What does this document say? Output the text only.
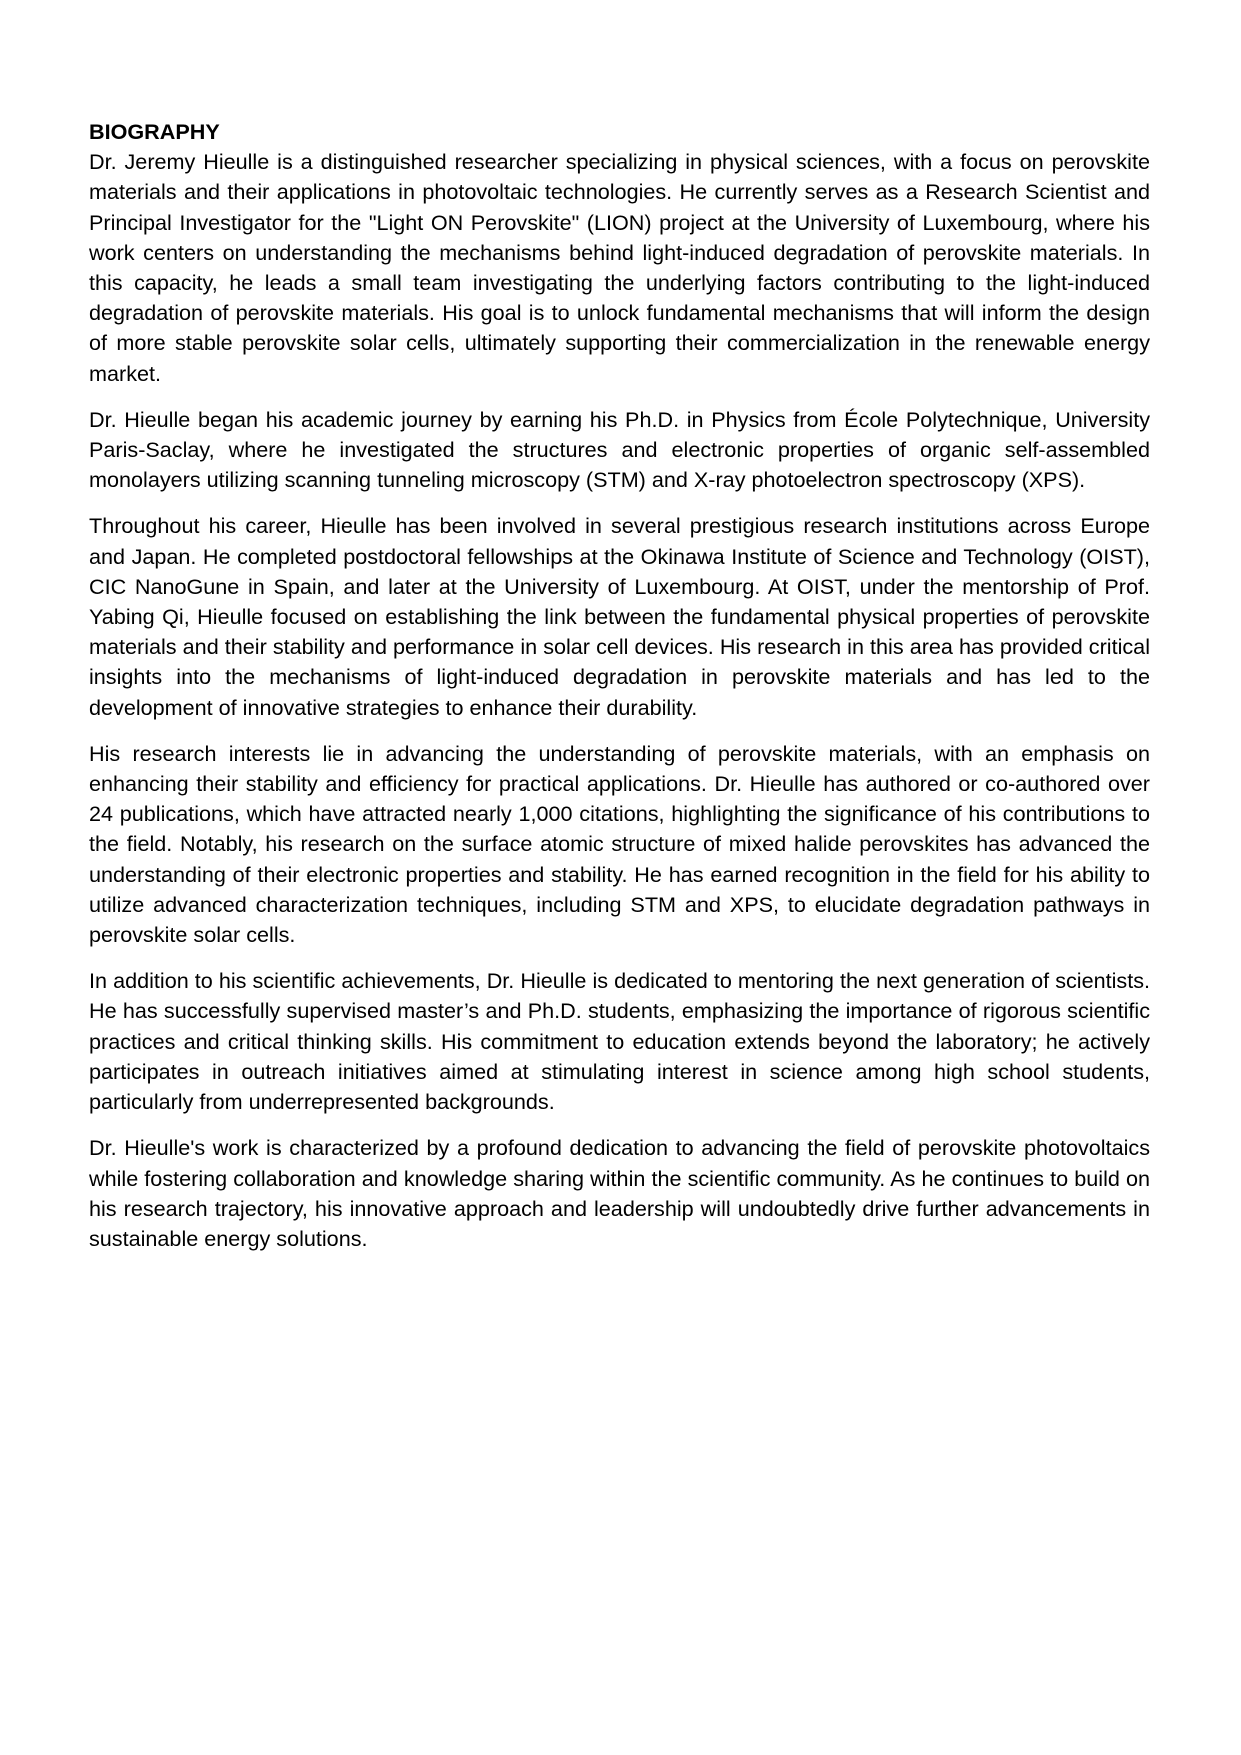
BIOGRAPHY

Dr. Jeremy Hieulle is a distinguished researcher specializing in physical sciences, with a focus on perovskite materials and their applications in photovoltaic technologies. He currently serves as a Research Scientist and Principal Investigator for the "Light ON Perovskite" (LION) project at the University of Luxembourg, where his work centers on understanding the mechanisms behind light-induced degradation of perovskite materials. In this capacity, he leads a small team investigating the underlying factors contributing to the light-induced degradation of perovskite materials. His goal is to unlock fundamental mechanisms that will inform the design of more stable perovskite solar cells, ultimately supporting their commercialization in the renewable energy market.

Dr. Hieulle began his academic journey by earning his Ph.D. in Physics from École Polytechnique, University Paris-Saclay, where he investigated the structures and electronic properties of organic self-assembled monolayers utilizing scanning tunneling microscopy (STM) and X-ray photoelectron spectroscopy (XPS).

Throughout his career, Hieulle has been involved in several prestigious research institutions across Europe and Japan. He completed postdoctoral fellowships at the Okinawa Institute of Science and Technology (OIST), CIC NanoGune in Spain, and later at the University of Luxembourg. At OIST, under the mentorship of Prof. Yabing Qi, Hieulle focused on establishing the link between the fundamental physical properties of perovskite materials and their stability and performance in solar cell devices. His research in this area has provided critical insights into the mechanisms of light-induced degradation in perovskite materials and has led to the development of innovative strategies to enhance their durability.

His research interests lie in advancing the understanding of perovskite materials, with an emphasis on enhancing their stability and efficiency for practical applications. Dr. Hieulle has authored or co-authored over 24 publications, which have attracted nearly 1,000 citations, highlighting the significance of his contributions to the field. Notably, his research on the surface atomic structure of mixed halide perovskites has advanced the understanding of their electronic properties and stability. He has earned recognition in the field for his ability to utilize advanced characterization techniques, including STM and XPS, to elucidate degradation pathways in perovskite solar cells.

In addition to his scientific achievements, Dr. Hieulle is dedicated to mentoring the next generation of scientists. He has successfully supervised master’s and Ph.D. students, emphasizing the importance of rigorous scientific practices and critical thinking skills. His commitment to education extends beyond the laboratory; he actively participates in outreach initiatives aimed at stimulating interest in science among high school students, particularly from underrepresented backgrounds.

Dr. Hieulle's work is characterized by a profound dedication to advancing the field of perovskite photovoltaics while fostering collaboration and knowledge sharing within the scientific community. As he continues to build on his research trajectory, his innovative approach and leadership will undoubtedly drive further advancements in sustainable energy solutions.
